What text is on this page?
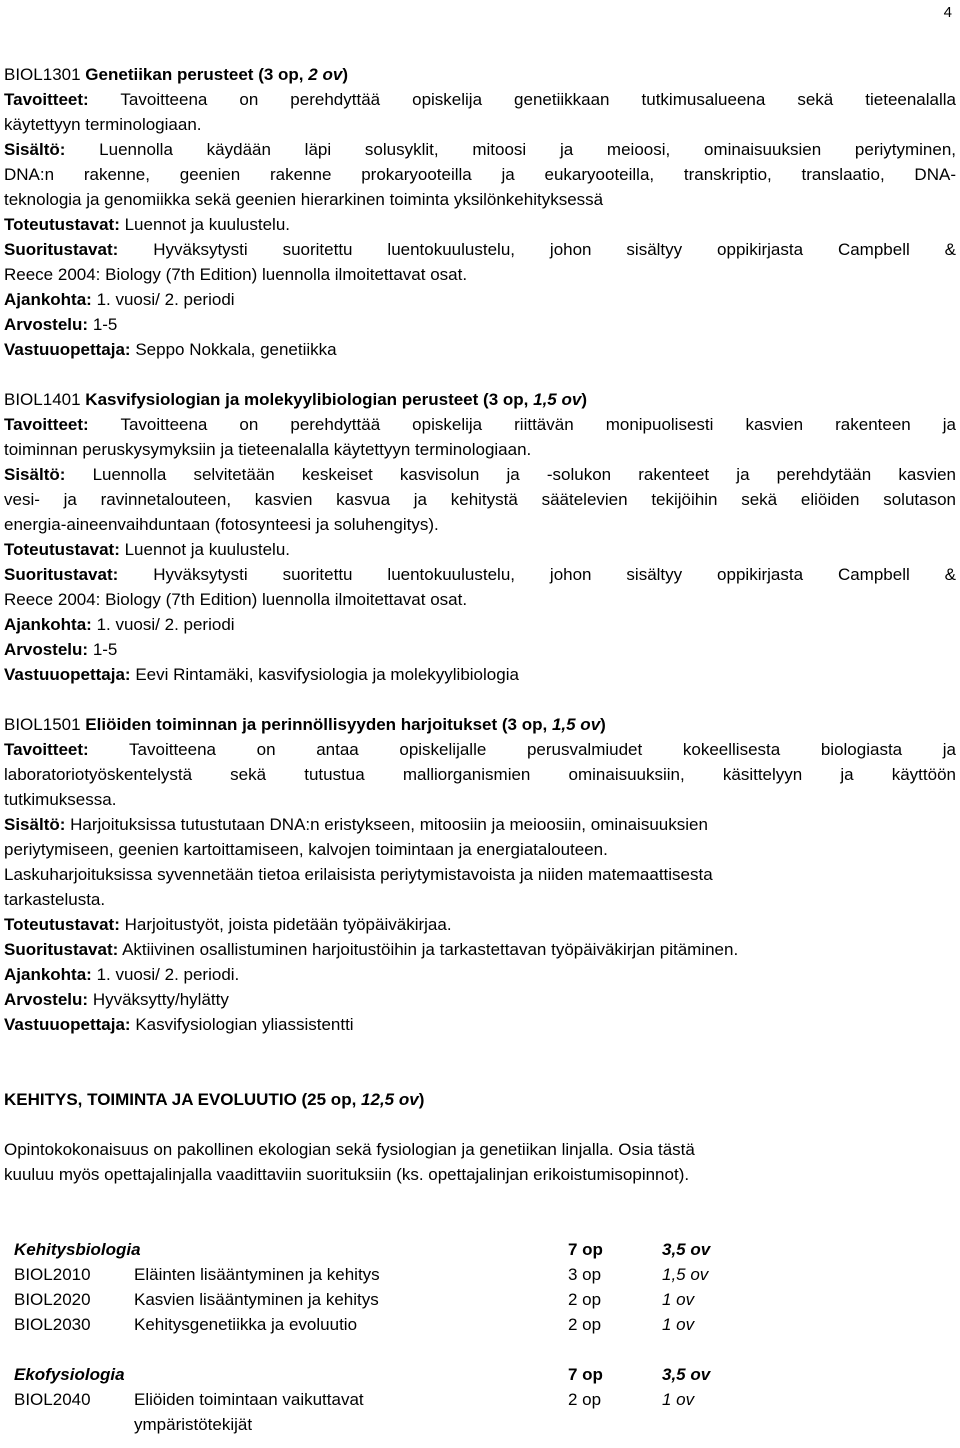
4
BIOL1301 Genetiikan perusteet (3 op, 2 ov)
Tavoitteet: Tavoitteena on perehdyttää opiskelija genetiikkaan tutkimusalueena sekä tieteenalalla
käytettyyn terminologiaan.
Sisältö: Luennolla käydään läpi solusyklit, mitoosi ja meioosi, ominaisuuksien periytyminen,
DNA:n rakenne, geenien rakenne prokaryooteilla ja eukaryooteilla, transkriptio, translaatio, DNA-
teknologia ja genomiikka sekä geenien hierarkinen toiminta yksilönkehityksessä
Toteutustavat: Luennot ja kuulustelu.
Suoritustavat: Hyväksytysti suoritettu luentokuulustelu, johon sisältyy oppikirjasta Campbell &
Reece 2004: Biology (7th Edition) luennolla ilmoitettavat osat.
Ajankohta: 1. vuosi/ 2. periodi
Arvostelu: 1-5
Vastuuopettaja: Seppo Nokkala, genetiikka
BIOL1401 Kasvifysiologian ja molekyylibiologian perusteet (3 op, 1,5 ov)
Tavoitteet: Tavoitteena on perehdyttää opiskelija riittävän monipuolisesti kasvien rakenteen ja
toiminnan peruskysymyksiin ja tieteenalalla käytettyyn terminologiaan.
Sisältö: Luennolla selvitetään keskeiset kasvisolun ja -solukon rakenteet ja perehdytään kasvien
vesi- ja ravinnetalouteen, kasvien kasvua ja kehitystä säätelevien tekijöihin sekä eliöiden solutason
energia-aineenvaihduntaan (fotosynteesi ja soluhengitys).
Toteutustavat: Luennot ja kuulustelu.
Suoritustavat: Hyväksytysti suoritettu luentokuulustelu, johon sisältyy oppikirjasta Campbell &
Reece 2004: Biology (7th Edition) luennolla ilmoitettavat osat.
Ajankohta: 1. vuosi/ 2. periodi
Arvostelu: 1-5
Vastuuopettaja: Eevi Rintamäki, kasvifysiologia ja molekyylibiologia
BIOL1501 Eliöiden toiminnan ja perinnöllisyyden harjoitukset (3 op, 1,5 ov)
Tavoitteet: Tavoitteena on antaa opiskelijalle perusvalmiudet kokeellisesta biologiasta ja
laboratoriotyöskentelystä sekä tutustua malliorganismien ominaisuuksiin, käsittelyyn ja käyttöön
tutkimuksessa.
Sisältö: Harjoituksissa tutustutaan DNA:n eristykseen, mitoosiin ja meioosiin, ominaisuuksien
periytymiseen, geenien kartoittamiseen, kalvojen toimintaan ja energiatalouteen.
Laskuharjoituksissa syvennetään tietoa erilaisista periytymistavoista ja niiden matemaattisesta
tarkastelusta.
Toteutustavat: Harjoitustyöt, joista pidetään työpäiväkirjaa.
Suoritustavat: Aktiivinen osallistuminen harjoitustöihin ja tarkastettavan työpäiväkirjan pitäminen.
Ajankohta: 1. vuosi/ 2. periodi.
Arvostelu: Hyväksytty/hylätty
Vastuuopettaja: Kasvifysiologian yliassistentti
KEHITYS, TOIMINTA JA EVOLUUTIO (25 op, 12,5 ov)
Opintokokonaisuus on pakollinen ekologian sekä fysiologian ja genetiikan linjalla. Osia tästä
kuuluu myös opettajalinjalla vaadittaviin suorituksiin (ks. opettajalinjan erikoistumisopinnot).
Kehitysbiologia		7 op	3,5 ov
BIOL2010	Eläinten lisääntyminen ja kehitys	3 op	1,5 ov
BIOL2020	Kasvien lisääntyminen ja kehitys	2 op	1 ov
BIOL2030	Kehitysgenetiikka ja evoluutio	2 op	1 ov

Ekofysiologia		7 op	3,5 ov
BIOL2040	Eliöiden toimintaan vaikuttavat
ympäristötekijät	2 op	1 ov
